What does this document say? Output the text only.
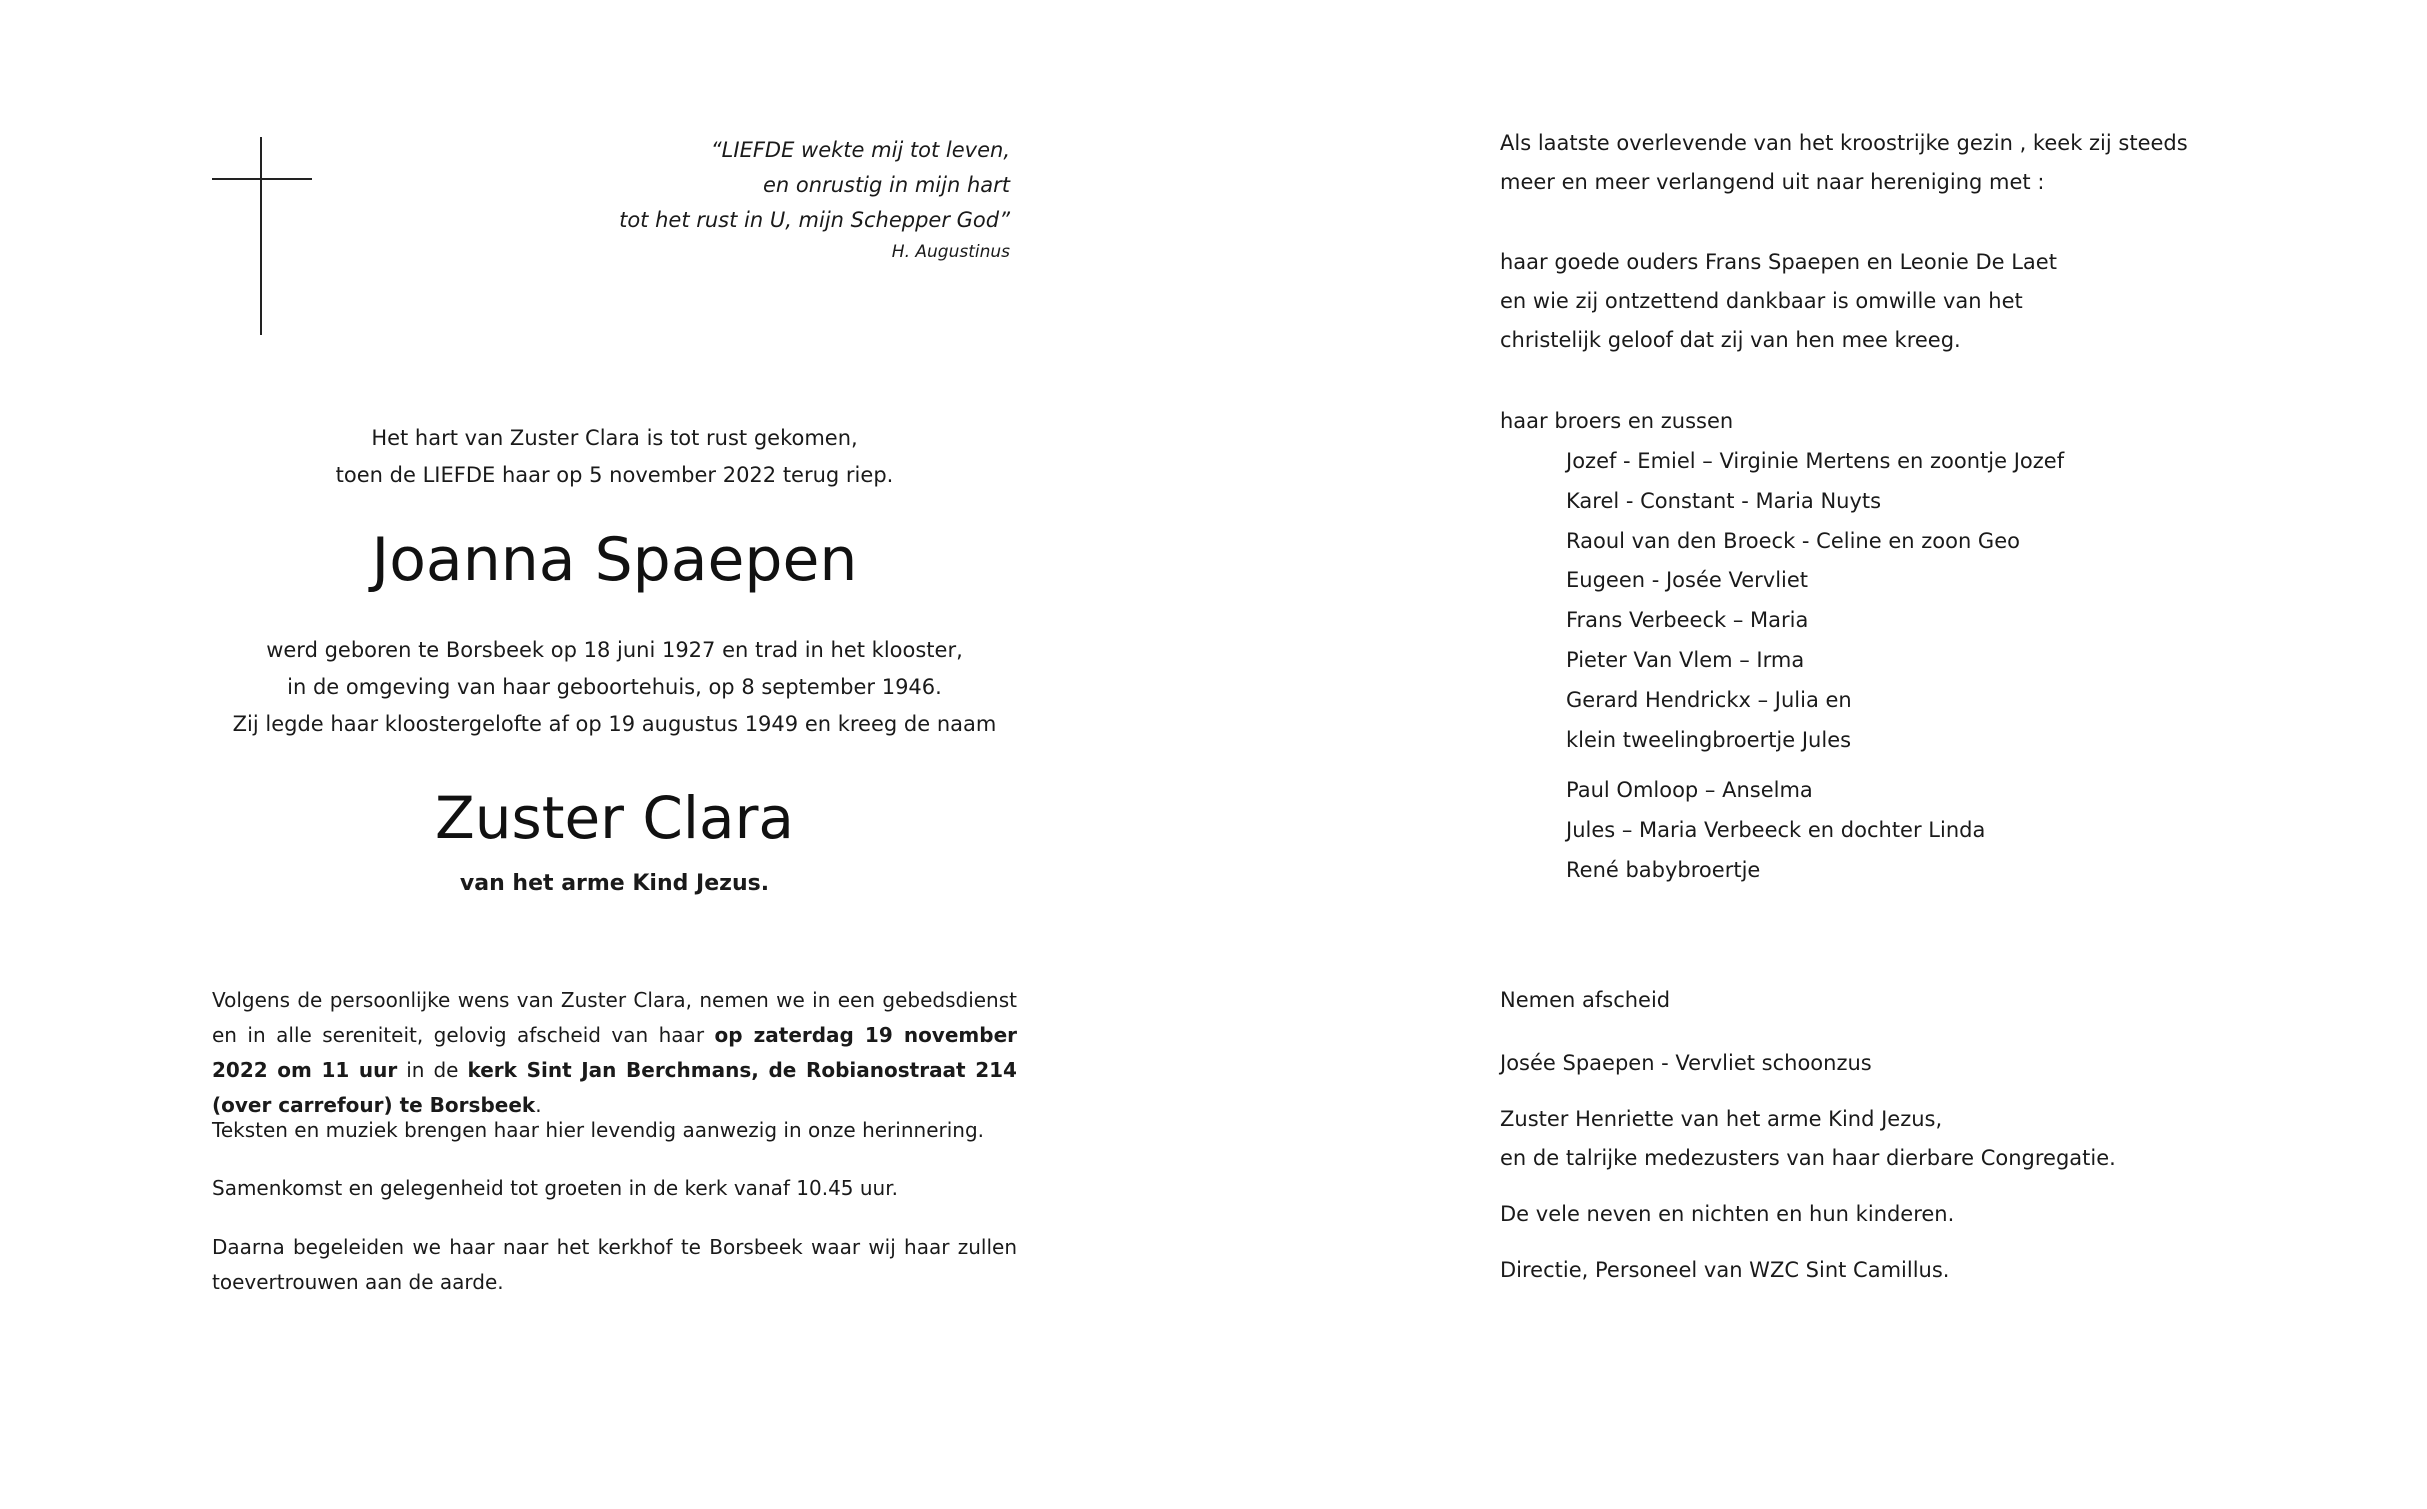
“LIEFDE wekte mij tot leven,
en onrustig in mijn hart
tot het rust in U, mijn Schepper God”
H. Augustinus
Het hart van Zuster Clara is tot rust gekomen,
toen de LIEFDE haar op 5 november 2022 terug riep.
Joanna Spaepen
werd geboren te Borsbeek op 18 juni 1927 en trad in het klooster,
in de omgeving van haar geboortehuis, op 8 september 1946.
Zij legde haar kloostergelofte af op 19 augustus 1949 en kreeg de naam
Zuster Clara
van het arme Kind Jezus.
Volgens de persoonlijke wens van Zuster Clara, nemen we in een gebedsdienst en in alle sereniteit, gelovig afscheid van haar op zaterdag 19 november 2022 om 11 uur in de kerk Sint Jan Berchmans, de Robianostraat 214 (over carrefour) te Borsbeek.
Teksten en muziek brengen haar hier levendig aanwezig in onze herinnering.
Samenkomst en gelegenheid tot groeten in de kerk vanaf 10.45 uur.
Daarna begeleiden we haar naar het kerkhof te Borsbeek waar wij haar zullen toevertrouwen aan de aarde.
Als laatste overlevende van het kroostrijke gezin , keek zij steeds
meer en meer verlangend uit naar hereniging met :
haar goede ouders Frans Spaepen en Leonie De Laet
en wie zij ontzettend dankbaar is omwille van het
christelijk geloof dat zij van hen mee kreeg.
haar broers en zussen
Jozef - Emiel – Virginie Mertens en zoontje Jozef
Karel - Constant - Maria Nuyts
Raoul van den Broeck - Celine en zoon Geo
Eugeen - Josée Vervliet
Frans Verbeeck – Maria
Pieter Van Vlem – Irma
Gerard Hendrickx – Julia en
klein tweelingbroertje Jules
Paul Omloop – Anselma
Jules – Maria Verbeeck en dochter Linda
René babybroertje
Nemen afscheid
Josée Spaepen - Vervliet schoonzus
Zuster Henriette van het arme Kind Jezus,
en de talrijke medezusters van haar dierbare Congregatie.
De vele neven en nichten en hun kinderen.
Directie, Personeel van WZC Sint Camillus.
